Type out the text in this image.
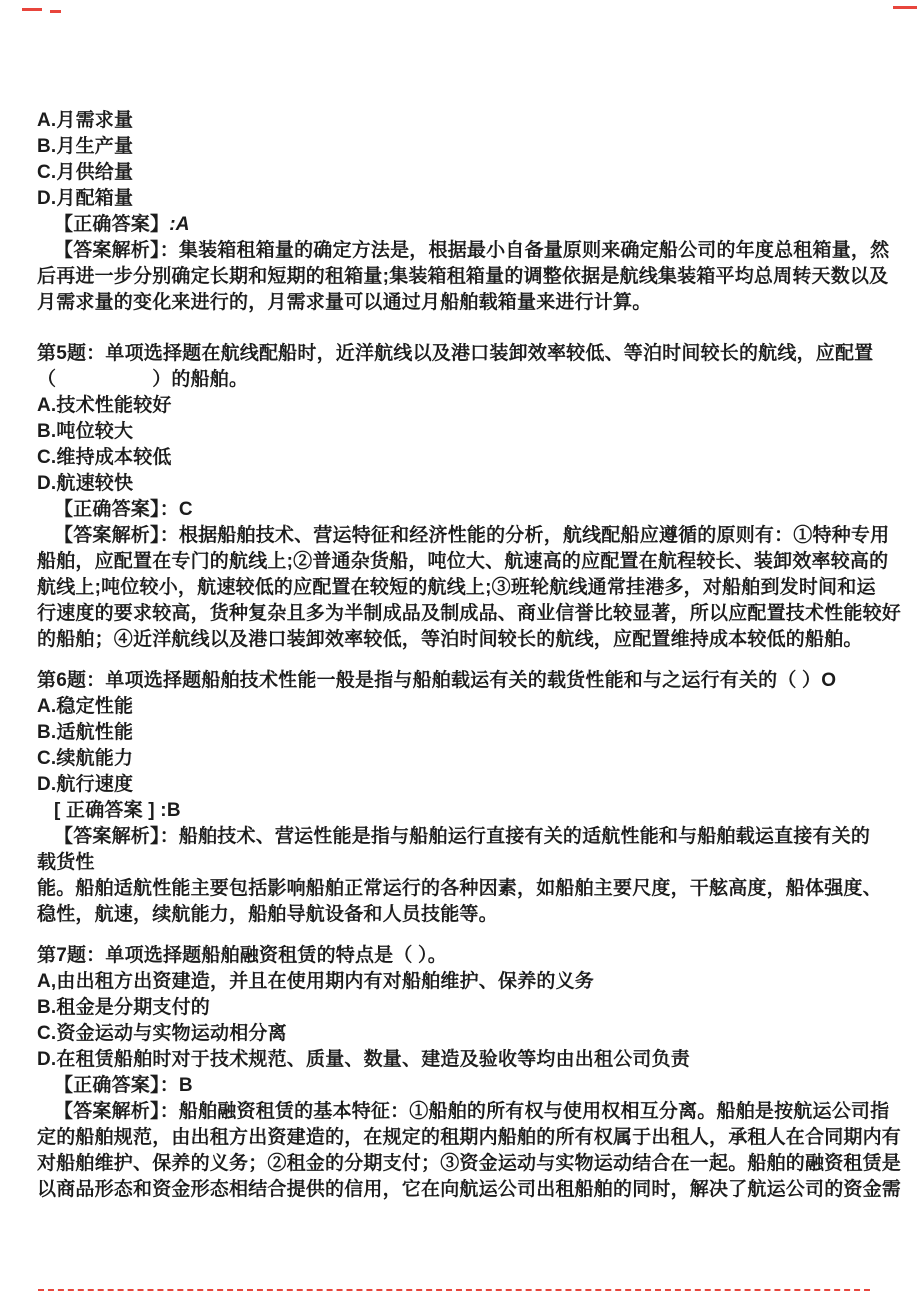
A.月需求量
B.月生产量
C.月供给量
D.月配箱量
【正确答案】:A
【答案解析】：集装箱租箱量的确定方法是，根据最小自备量原则来确定船公司的年度总租箱量，然
后再进一步分别确定长期和短期的租箱量;集装箱租箱量的调整依据是航线集装箱平均总周转天数以及
月需求量的变化来进行的，月需求量可以通过月船舶载箱量来进行计算。
第5题：单项选择题在航线配船时，近洋航线以及港口装卸效率较低、等泊时间较长的航线，应配置
（　　　　　）的船舶。
A.技术性能较好
B.吨位较大
C.维持成本较低
D.航速较快
【正确答案】：C
【答案解析】：根据船舶技术、营运特征和经济性能的分析，航线配船应遵循的原则有：①特种专用
船舶，应配置在专门的航线上;②普通杂货船，吨位大、航速高的应配置在航程较长、装卸效率较高的
航线上;吨位较小，航速较低的应配置在较短的航线上;③班轮航线通常挂港多，对船舶到发时间和运
行速度的要求较高，货种复杂且多为半制成品及制成品、商业信誉比较显著，所以应配置技术性能较好
的船舶；④近洋航线以及港口装卸效率较低，等泊时间较长的航线，应配置维持成本较低的船舶。
第6题：单项选择题船舶技术性能一般是指与船舶载运有关的载货性能和与之运行有关的（ ）O
A.稳定性能
B.适航性能
C.续航能力
D.航行速度
[ 正确答案 ] :B
【答案解析】：船舶技术、营运性能是指与船舶运行直接有关的适航性能和与船舶载运直接有关的
载货性
能。船舶适航性能主要包括影响船舶正常运行的各种因素，如船舶主要尺度，干舷高度，船体强度、
稳性，航速，续航能力，船舶导航设备和人员技能等。
第7题：单项选择题船舶融资租赁的特点是（ ）。
A,由出租方出资建造，并且在使用期内有对船舶维护、保养的义务
B.租金是分期支付的
C.资金运动与实物运动相分离
D.在租赁船舶时对于技术规范、质量、数量、建造及验收等均由出租公司负责
【正确答案】：B
【答案解析】：船舶融资租赁的基本特征：①船舶的所有权与使用权相互分离。船舶是按航运公司指
定的船舶规范，由出租方出资建造的，在规定的租期内船舶的所有权属于出租人，承租人在合同期内有
对船舶维护、保养的义务；②租金的分期支付；③资金运动与实物运动结合在一起。船舶的融资租赁是
以商品形态和资金形态相结合提供的信用，它在向航运公司出租船舶的同时，解决了航运公司的资金需
